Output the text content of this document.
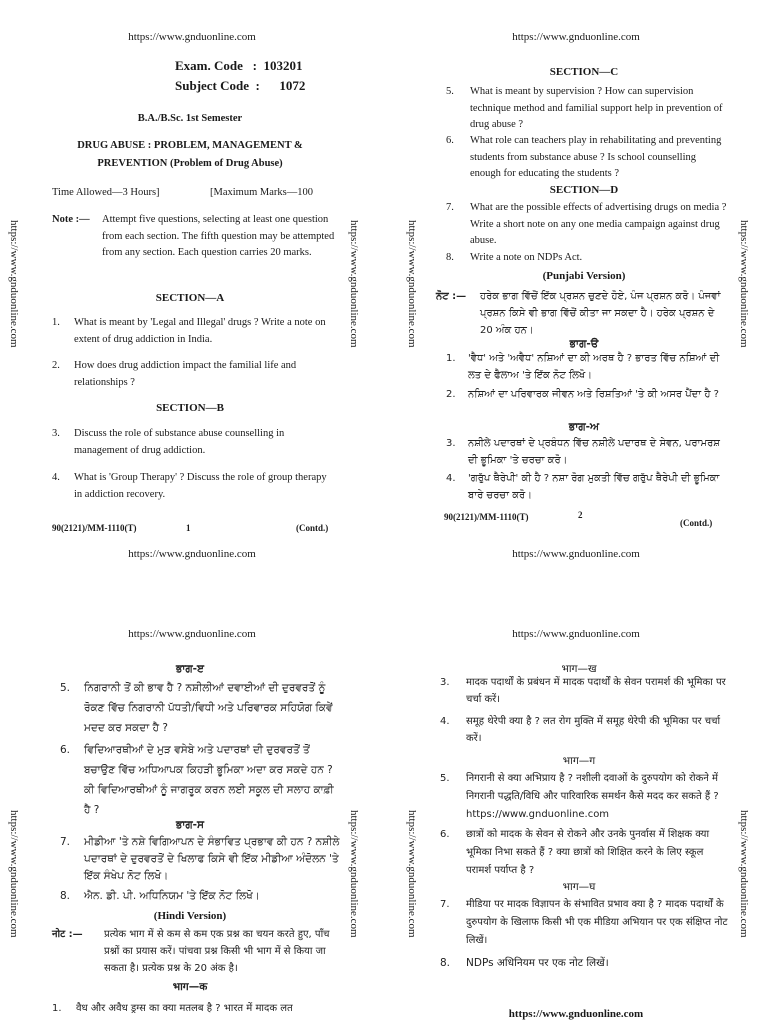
https://www.gnduonline.com
https://www.gnduonline.com	https://www.gnduonline.com
Exam. Code   :  103201
Subject Code  :      1072
B.A./B.Sc. 1st Semester
DRUG ABUSE : PROBLEM, MANAGEMENT &
PREVENTION (Problem of Drug Abuse)
Time Allowed—3 Hours]	[Maximum Marks—100
Note :—	Attempt five questions, selecting at least one question from each section. The fifth question may be attempted from any section. Each question carries 20 marks.
SECTION—A
1.	What is meant by 'Legal and Illegal' drugs ? Write a note on extent of drug addiction in India.
2.	How does drug addiction impact the familial life and relationships ?
SECTION—B
3.	Discuss the role of substance abuse counselling in management of drug addiction.
4.	What is 'Group Therapy' ? Discuss the role of group therapy in addiction recovery.
90(2121)/MM-1110(T)	1	(Contd.)
https://www.gnduonline.com
https://www.gnduonline.com
https://www.gnduonline.com	https://www.gnduonline.com
SECTION—C
5.	What is meant by supervision ? How can supervision technique method and familial support help in prevention of drug abuse ?
6.	What role can teachers play in rehabilitating and preventing students from substance abuse ? Is school counselling enough for educating the students ?
SECTION—D
7.	What are the possible effects of advertising drugs on media ? Write a short note on any one media campaign against drug abuse.
8.	Write a note on NDPs Act.
(Punjabi Version)
ਨੋਟ :—	ਹਰੇਕ ਭਾਗ ਵਿੱਚੋਂ ਇੱਕ ਪ੍ਰਸ਼ਨ ਚੁਣਦੇ ਹੋਏ, ਪੰਜ ਪ੍ਰਸ਼ਨ ਕਰੋ। ਪੰਜਵਾਂ ਪ੍ਰਸ਼ਨ ਕਿਸੇ ਵੀ ਭਾਗ ਵਿੱਚੋਂ ਕੀਤਾ ਜਾ ਸਕਦਾ ਹੈ। ਹਰੇਕ ਪ੍ਰਸ਼ਨ ਦੇ 20 ਅੰਕ ਹਨ।
ਭਾਗ-ੳ
1.	'ਵੈਧ' ਅਤੇ 'ਅਵੈਧ' ਨਸ਼ਿਆਂ ਦਾ ਕੀ ਅਰਥ ਹੈ ? ਭਾਰਤ ਵਿੱਚ ਨਸ਼ਿਆਂ ਦੀ ਲਤ ਦੇ ਫੈਲਾਅ 'ਤੇ ਇੱਕ ਨੋਟ ਲਿਖੋ।
2.	ਨਸ਼ਿਆਂ ਦਾ ਪਰਿਵਾਰਕ ਜੀਵਨ ਅਤੇ ਰਿਸ਼ਤਿਆਂ 'ਤੇ ਕੀ ਅਸਰ ਪੈਂਦਾ ਹੈ ?
ਭਾਗ-ਅ
3.	ਨਸ਼ੀਲੇ ਪਦਾਰਥਾਂ ਦੇ ਪ੍ਰਬੰਧਨ ਵਿੱਚ ਨਸ਼ੀਲੇ ਪਦਾਰਥ ਦੇ ਸੇਵਨ, ਪਰਾਮਰਸ਼ ਦੀ ਭੂਮਿਕਾ 'ਤੇ ਚਰਚਾ ਕਰੋ।
4.	'ਗਰੁੱਪ ਥੈਰੇਪੀ' ਕੀ ਹੈ ? ਨਸ਼ਾ ਰੋਗ ਮੁਕਤੀ ਵਿੱਚ ਗਰੁੱਪ ਥੈਰੇਪੀ ਦੀ ਭੂਮਿਕਾ ਬਾਰੇ ਚਰਚਾ ਕਰੋ।
90(2121)/MM-1110(T)	2
(Contd.)
https://www.gnduonline.com
https://www.gnduonline.com
https://www.gnduonline.com	https://www.gnduonline.com
ਭਾਗ-ੲ
5.	ਨਿਗਰਾਨੀ ਤੋਂ ਕੀ ਭਾਵ ਹੈ ? ਨਸ਼ੀਲੀਆਂ ਦਵਾਈਆਂ ਦੀ ਦੁਰਵਰਤੋਂ ਨੂੰ ਰੋਕਣ ਵਿੱਚ ਨਿਗਰਾਨੀ ਪੱਧਤੀ/ਵਿਧੀ ਅਤੇ ਪਰਿਵਾਰਕ ਸਹਿਯੋਗ ਕਿਵੇਂ ਮਦਦ ਕਰ ਸਕਦਾ ਹੈ ?
6.	ਵਿਦਿਆਰਥੀਆਂ ਦੇ ਮੁੜ ਵਸੇਬੇ ਅਤੇ ਪਦਾਰਥਾਂ ਦੀ ਦੁਰਵਰਤੋਂ ਤੋਂ ਬਚਾਉਣ ਵਿੱਚ ਅਧਿਆਪਕ ਕਿਹੜੀ ਭੂਮਿਕਾ ਅਦਾ ਕਰ ਸਕਦੇ ਹਨ ? ਕੀ ਵਿਦਿਆਰਥੀਆਂ ਨੂੰ ਜਾਗਰੂਕ ਕਰਨ ਲਈ ਸਕੂਲ ਦੀ ਸਲਾਹ ਕਾਫ਼ੀ ਹੈ ?
ਭਾਗ-ਸ
7.	ਮੀਡੀਆ 'ਤੇ ਨਸ਼ੇ ਵਿਗਿਆਪਨ ਦੇ ਸੰਭਾਵਿਤ ਪ੍ਰਭਾਵ ਕੀ ਹਨ ? ਨਸ਼ੀਲੇ ਪਦਾਰਥਾਂ ਦੇ ਦੁਰਵਰਤੋਂ ਦੇ ਖਿਲਾਫ ਕਿਸੇ ਵੀ ਇੱਕ ਮੀਡੀਆ ਅੰਦੋਲਨ 'ਤੇ ਇੱਕ ਸੰਖੇਪ ਨੋਟ ਲਿਖੋ।
8.	ਐਨ. ਡੀ. ਪੀ. ਅਧਿਨਿਯਮ 'ਤੇ ਇੱਕ ਨੋਟ ਲਿਖੋ।
(Hindi Version)
नोट :—	प्रत्येक भाग में से कम से कम एक प्रश्न का चयन करते हुए, पाँच प्रश्नों का प्रयास करें। पांचवा प्रश्न किसी भी भाग में से किया जा सकता है। प्रत्येक प्रश्न के 20 अंक है।
भाग—क
1.	वैध और अवैध ड्रग्स का क्या मतलब है ? भारत में मादक लत
https://www.gnduonline.com
https://www.gnduonline.com	https://www.gnduonline.com
भाग—ख
3.	मादक पदार्थों के प्रबंधन में मादक पदार्थों के सेवन परामर्श की भूमिका पर चर्चा करें।
4.	समूह थेरेपी क्या है ? लत रोग मुक्ति में समूह थेरेपी की भूमिका पर चर्चा करें।
भाग—ग
5.	निगरानी से क्या अभिप्राय है ? नशीली दवाओं के दुरुपयोग को रोकने में निगरानी पद्धति/विधि और पारिवारिक समर्थन कैसे मदद कर सकते हैं ? https://www.gnduonline.com
6.	छात्रों को मादक के सेवन से रोकने और उनके पुनर्वास में शिक्षक क्या भूमिका निभा सकते हैं ? क्या छात्रों को शिक्षित करने के लिए स्कूल परामर्श पर्याप्त है ?
भाग—घ
7.	मीडिया पर मादक विज्ञापन के संभावित प्रभाव क्या है ? मादक पदार्थों के दुरुपयोग के खिलाफ किसी भी एक मीडिया अभियान पर एक संक्षिप्त नोट लिखें।
8.	NDPs अधिनियम पर एक नोट लिखें।
https://www.gnduonline.com
